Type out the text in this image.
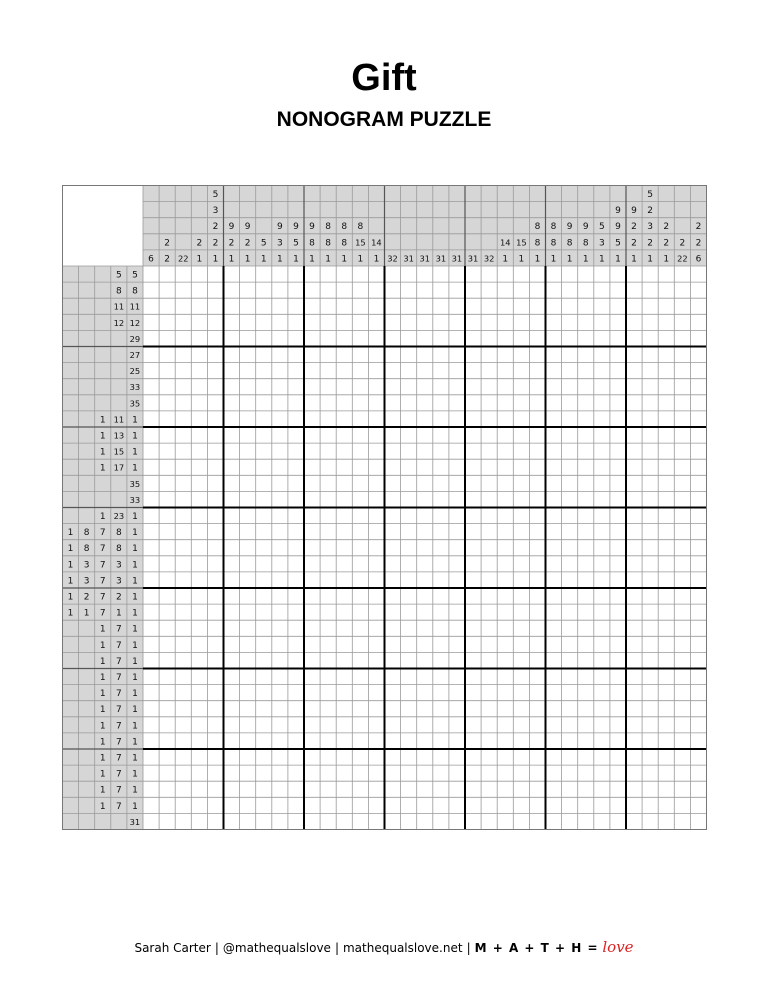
Gift
NONOGRAM PUZZLE
6
2
2 22
2
1
5
3
2
2
1
9
2
1
9
2
1
5
1
9
3
1
9
5
1
9
8
1
8
8
1
8
8
1
8
15
1
14
1 32 31 31 31 31 31 32
14
1
15
1
8
8
1
8
8
1
9
8
1
9
8
1
5
3
1
9
9
5
1
9
2
2
1
5
2
3
2
1
2
2
1
2
22
2
2
6
5 5
8 8
11 11
12 12
29
27
25
33
35
1 11 1
1 13 1
1 15 1
1 17 1
35
33
1 23 1
1 8 7 8 1
1 8 7 8 1
1 3 7 3 1
1 3 7 3 1
1 2 7 2 1
1 1 7 1 1
1 7 1
1 7 1
1 7 1
1 7 1
1 7 1
1 7 1
1 7 1
1 7 1
1 7 1
1 7 1
1 7 1
1 7 1
31
Sarah Carter | @mathequalslove | mathequalslove.net | M + A + T + H = love
